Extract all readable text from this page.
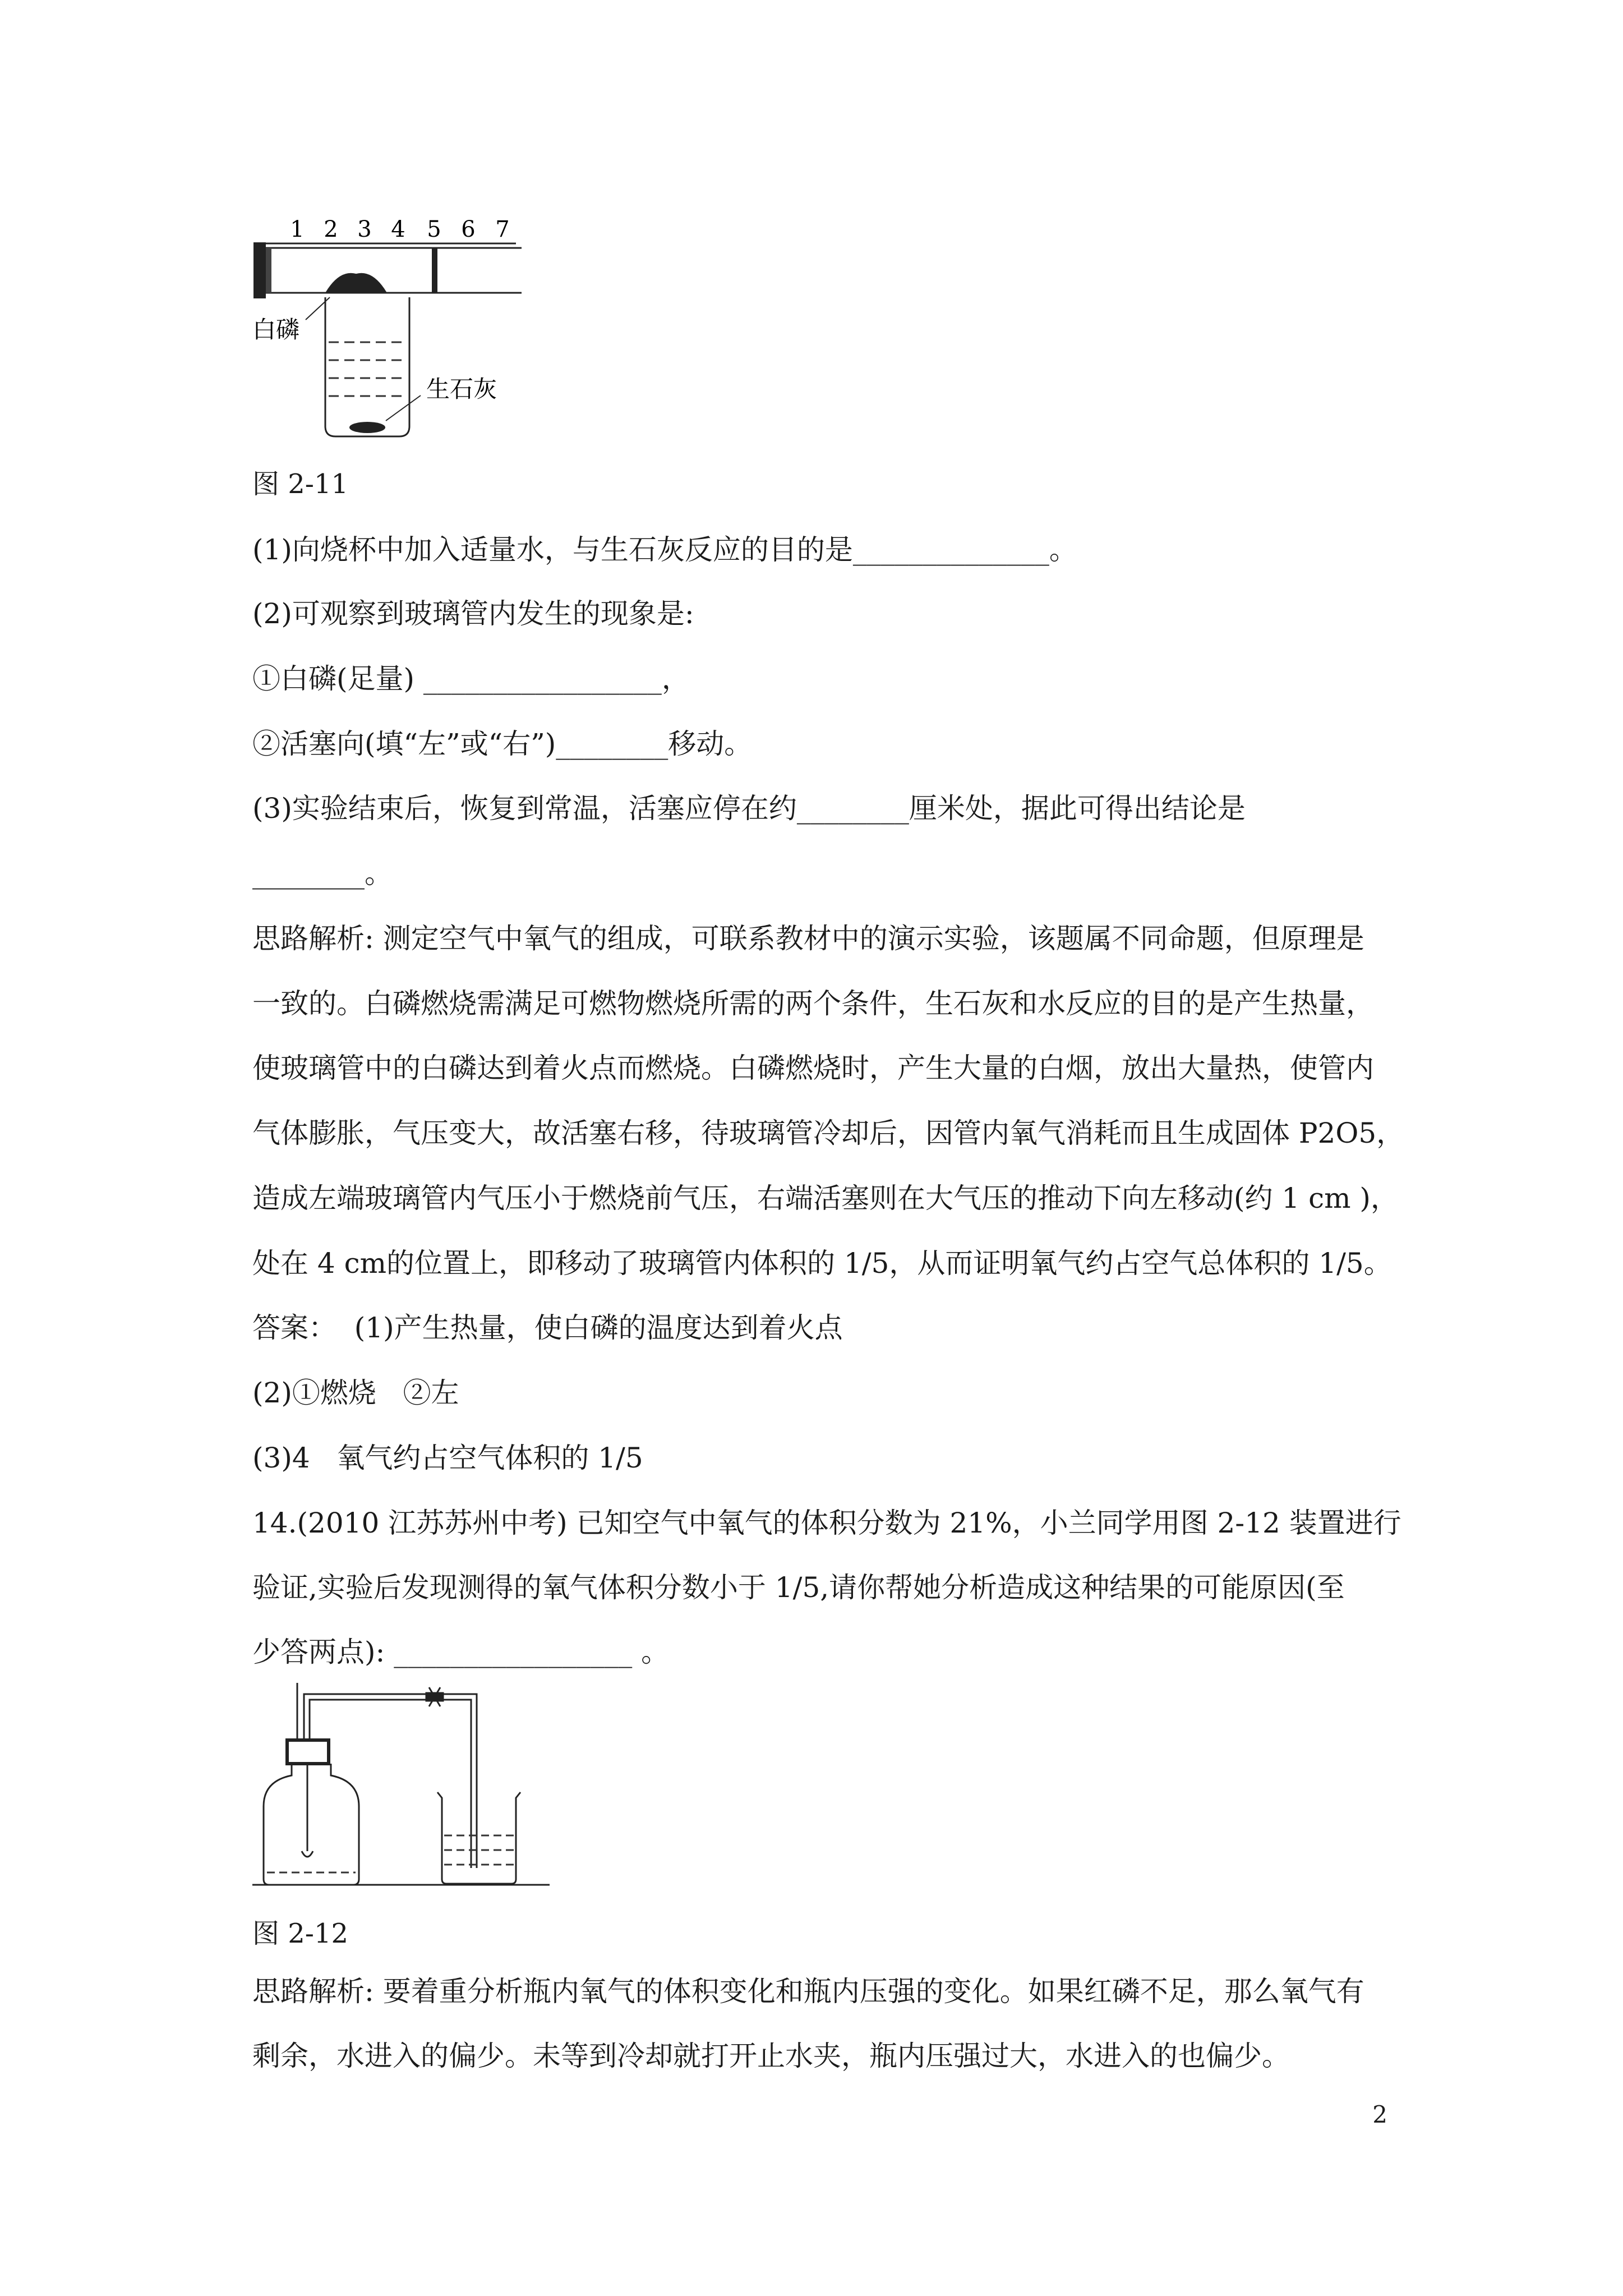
1 2 3 4 5 6 7
白磷
生石灰
图 2-11
(1)向烧杯中加入适量水，与生石灰反应的目的是______________。
(2)可观察到玻璃管内发生的现象是:
①白磷(足量) _________________，
②活塞向(填“左”或“右”)________移动。
(3)实验结束后，恢复到常温，活塞应停在约________厘米处，据此可得出结论是
________。
思路解析: 测定空气中氧气的组成，可联系教材中的演示实验，该题属不同命题，但原理是
一致的。白磷燃烧需满足可燃物燃烧所需的两个条件，生石灰和水反应的目的是产生热量，
使玻璃管中的白磷达到着火点而燃烧。白磷燃烧时，产生大量的白烟，放出大量热，使管内
气体膨胀，气压变大，故活塞右移，待玻璃管冷却后，因管内氧气消耗而且生成固体 P2O5，
造成左端玻璃管内气压小于燃烧前气压，右端活塞则在大气压的推动下向左移动(约 1 cm )，
处在 4 cm的位置上，即移动了玻璃管内体积的 1/5，从而证明氧气约占空气总体积的 1/5。
答案：  (1)产生热量，使白磷的温度达到着火点
(2)①燃烧   ②左
(3)4   氧气约占空气体积的 1/5
14.(2010 江苏苏州中考) 已知空气中氧气的体积分数为 21%，小兰同学用图 2-12 装置进行
验证,实验后发现测得的氧气体积分数小于 1/5,请你帮她分析造成这种结果的可能原因(至
少答两点): _________________ 。
图 2-12
思路解析: 要着重分析瓶内氧气的体积变化和瓶内压强的变化。如果红磷不足，那么氧气有
剩余，水进入的偏少。未等到冷却就打开止水夹，瓶内压强过大，水进入的也偏少。
2
